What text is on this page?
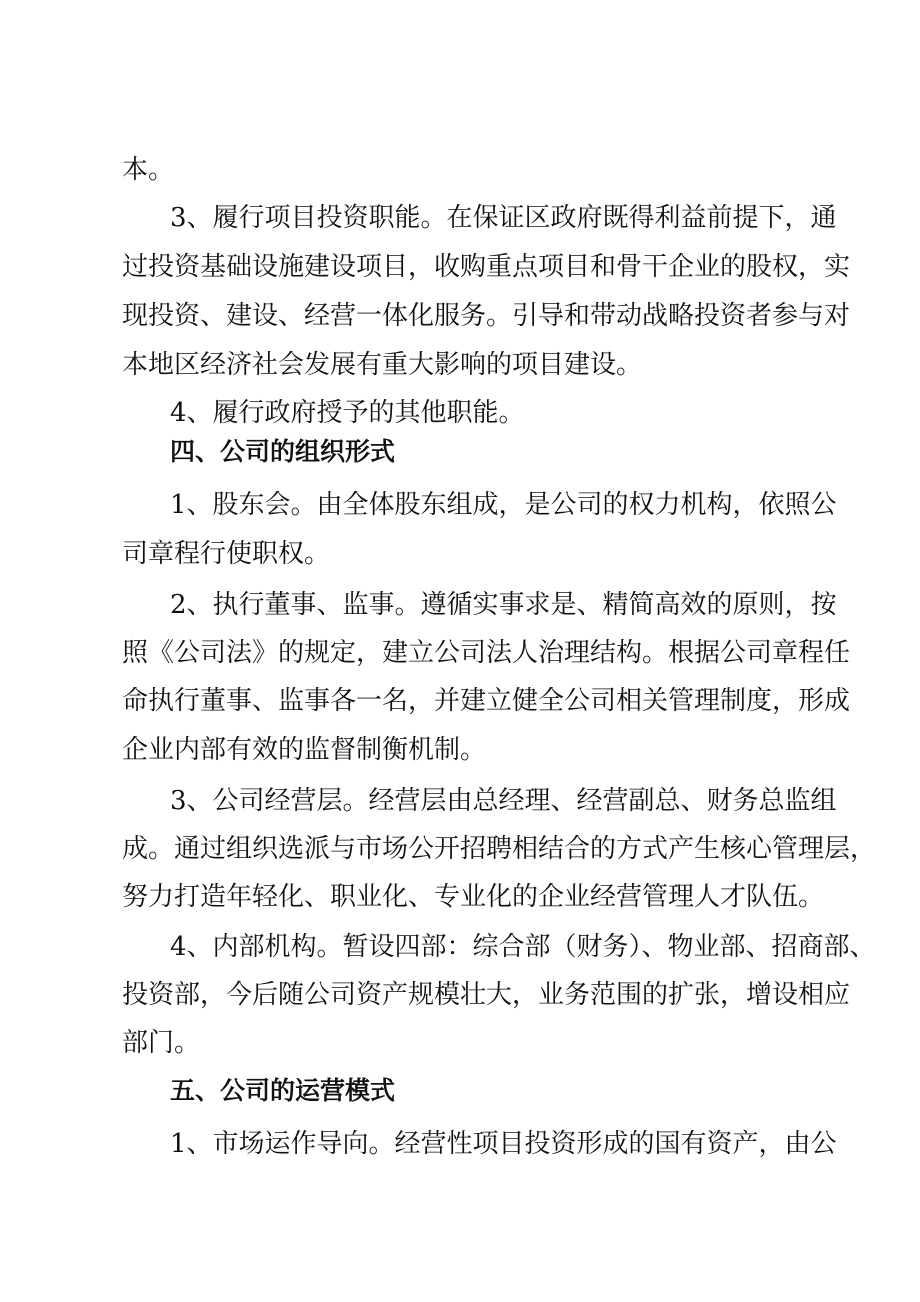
本。
3、履行项目投资职能。在保证区政府既得利益前提下，通
过投资基础设施建设项目，收购重点项目和骨干企业的股权，实
现投资、建设、经营一体化服务。引导和带动战略投资者参与对
本地区经济社会发展有重大影响的项目建设。
4、履行政府授予的其他职能。
四、公司的组织形式
1、股东会。由全体股东组成，是公司的权力机构，依照公
司章程行使职权。
2、执行董事、监事。遵循实事求是、精简高效的原则，按
照《公司法》的规定，建立公司法人治理结构。根据公司章程任
命执行董事、监事各一名，并建立健全公司相关管理制度，形成
企业内部有效的监督制衡机制。
3、公司经营层。经营层由总经理、经营副总、财务总监组
成。通过组织选派与市场公开招聘相结合的方式产生核心管理层，
努力打造年轻化、职业化、专业化的企业经营管理人才队伍。
4、内部机构。暂设四部：综合部（财务）、物业部、招商部、
投资部，今后随公司资产规模壮大，业务范围的扩张，增设相应
部门。
五、公司的运营模式
1、市场运作导向。经营性项目投资形成的国有资产，由公
